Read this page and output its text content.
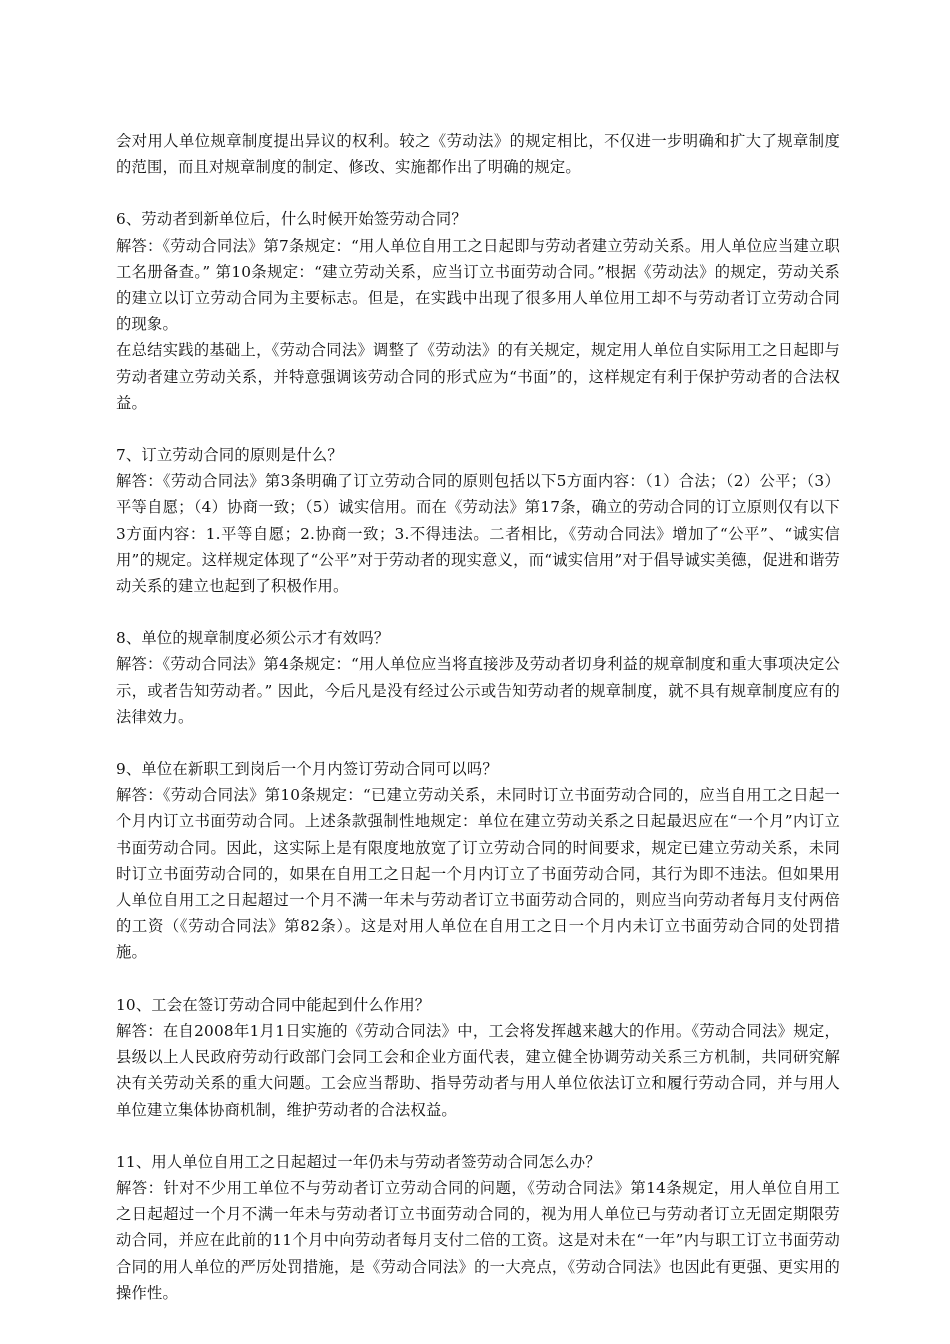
会对用人单位规章制度提出异议的权利。较之《劳动法》的规定相比，不仅进一步明确和扩大了规章制度的范围，而且对规章制度的制定、修改、实施都作出了明确的规定。

6、劳动者到新单位后，什么时候开始签劳动合同？

解答：《劳动合同法》第7条规定：“用人单位自用工之日起即与劳动者建立劳动关系。用人单位应当建立职工名册备查。” 第10条规定：“建立劳动关系，应当订立书面劳动合同。”根据《劳动法》的规定，劳动关系的建立以订立劳动合同为主要标志。但是，在实践中出现了很多用人单位用工却不与劳动者订立劳动合同的现象。

在总结实践的基础上，《劳动合同法》调整了《劳动法》的有关规定，规定用人单位自实际用工之日起即与劳动者建立劳动关系，并特意强调该劳动合同的形式应为“书面”的，这样规定有利于保护劳动者的合法权益。

7、订立劳动合同的原则是什么？

解答：《劳动合同法》第3条明确了订立劳动合同的原则包括以下5方面内容：（1）合法；（2）公平；（3）平等自愿；（4）协商一致；（5）诚实信用。而在《劳动法》第17条，确立的劳动合同的订立原则仅有以下3方面内容：1.平等自愿；2.协商一致；3.不得违法。二者相比，《劳动合同法》增加了“公平”、“诚实信用”的规定。这样规定体现了“公平”对于劳动者的现实意义，而“诚实信用”对于倡导诚实美德，促进和谐劳动关系的建立也起到了积极作用。

8、单位的规章制度必须公示才有效吗？

解答：《劳动合同法》第4条规定：“用人单位应当将直接涉及劳动者切身利益的规章制度和重大事项决定公示，或者告知劳动者。” 因此，今后凡是没有经过公示或告知劳动者的规章制度，就不具有规章制度应有的法律效力。

9、单位在新职工到岗后一个月内签订劳动合同可以吗？

解答：《劳动合同法》第10条规定：“已建立劳动关系，未同时订立书面劳动合同的，应当自用工之日起一个月内订立书面劳动合同。上述条款强制性地规定：单位在建立劳动关系之日起最迟应在“一个月”内订立书面劳动合同。因此，这实际上是有限度地放宽了订立劳动合同的时间要求，规定已建立劳动关系，未同时订立书面劳动合同的，如果在自用工之日起一个月内订立了书面劳动合同，其行为即不违法。但如果用人单位自用工之日起超过一个月不满一年未与劳动者订立书面劳动合同的，则应当向劳动者每月支付两倍的工资（《劳动合同法》第82条）。这是对用人单位在自用工之日一个月内未订立书面劳动合同的处罚措施。

10、工会在签订劳动合同中能起到什么作用？

解答：在自2008年1月1日实施的《劳动合同法》中，工会将发挥越来越大的作用。《劳动合同法》规定，县级以上人民政府劳动行政部门会同工会和企业方面代表，建立健全协调劳动关系三方机制，共同研究解决有关劳动关系的重大问题。工会应当帮助、指导劳动者与用人单位依法订立和履行劳动合同，并与用人单位建立集体协商机制，维护劳动者的合法权益。

11、用人单位自用工之日起超过一年仍未与劳动者签劳动合同怎么办？

解答：针对不少用工单位不与劳动者订立劳动合同的问题，《劳动合同法》第14条规定，用人单位自用工之日起超过一个月不满一年未与劳动者订立书面劳动合同的，视为用人单位已与劳动者订立无固定期限劳动合同，并应在此前的11个月中向劳动者每月支付二倍的工资。这是对未在“一年”内与职工订立书面劳动合同的用人单位的严厉处罚措施，是《劳动合同法》的一大亮点，《劳动合同法》也因此有更强、更实用的操作性。
